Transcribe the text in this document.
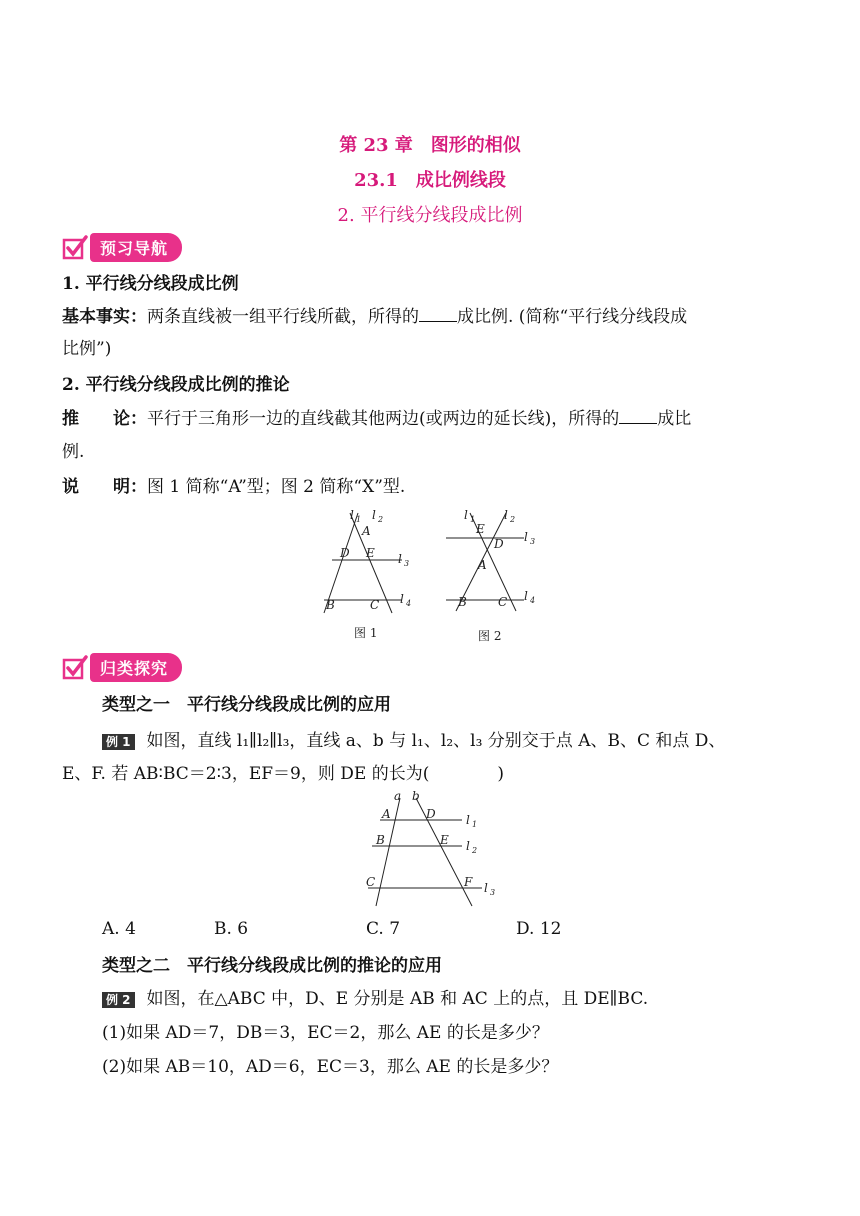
第 23 章　图形的相似
23.1　成比例线段
2. 平行线分线段成比例
预习导航
1. 平行线分线段成比例
基本事实：两条直线被一组平行线所截，所得的 成比例. (简称“平行线分线段成
比例”)
2. 平行线分线段成比例的推论
推　　论：平行于三角形一边的直线截其他两边(或两边的延长线)，所得的 成比
例.
说　　明：图 1 简称“A”型；图 2 简称“X”型.
l 1 l 2
A
D E l 3
B	C l 4
图 1
l 1 l 2
E
D l 3
A
B	C l 4
图 2
归类探究
类型之一　平行线分线段成比例的应用
例 1 如图，直线 l₁∥l₂∥l₃，直线 a、b 与 l₁、l₂、l₃ 分别交于点 A、B、C 和点 D、
E、F. 若 AB∶BC＝2∶3，EF＝9，则 DE 的长为(　　　　)
a b
A	D	l 1
B	E l 2
C	F l 3
A. 4	B. 6	C. 7	D. 12
类型之二　平行线分线段成比例的推论的应用
例 2 如图，在△ABC 中，D、E 分别是 AB 和 AC 上的点，且 DE∥BC.
(1)如果 AD＝7，DB＝3，EC＝2，那么 AE 的长是多少？
(2)如果 AB＝10，AD＝6，EC＝3，那么 AE 的长是多少？
